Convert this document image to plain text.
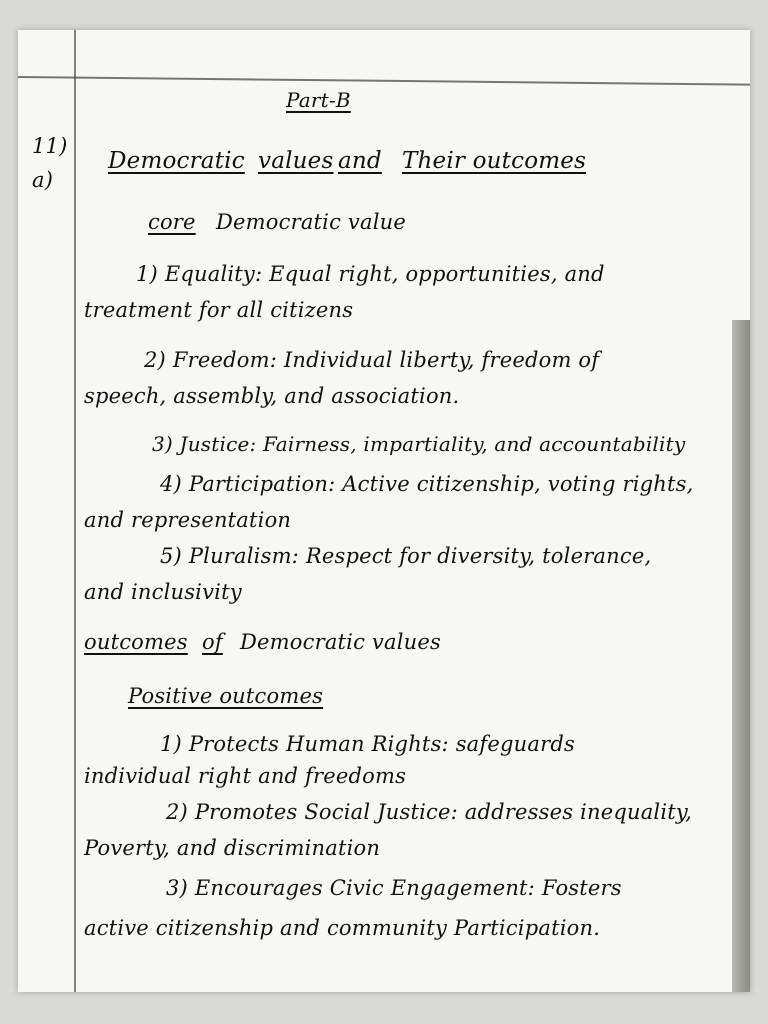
Part-B
11)
a)
Democratic values and Their outcomes
core Democratic value
1) Equality: Equal right, opportunities, and
treatment for all citizens
2) Freedom: Individual liberty, freedom of
speech, assembly, and association.
3) Justice: Fairness, impartiality, and accountability
4) Participation: Active citizenship, voting rights,
and representation
5) Pluralism: Respect for diversity, tolerance,
and inclusivity
outcomes of Democratic values
Positive outcomes
1) Protects Human Rights: safeguards
individual right and freedoms
2) Promotes Social Justice: addresses inequality,
Poverty, and discrimination
3) Encourages Civic Engagement: Fosters
active citizenship and community Participation.
